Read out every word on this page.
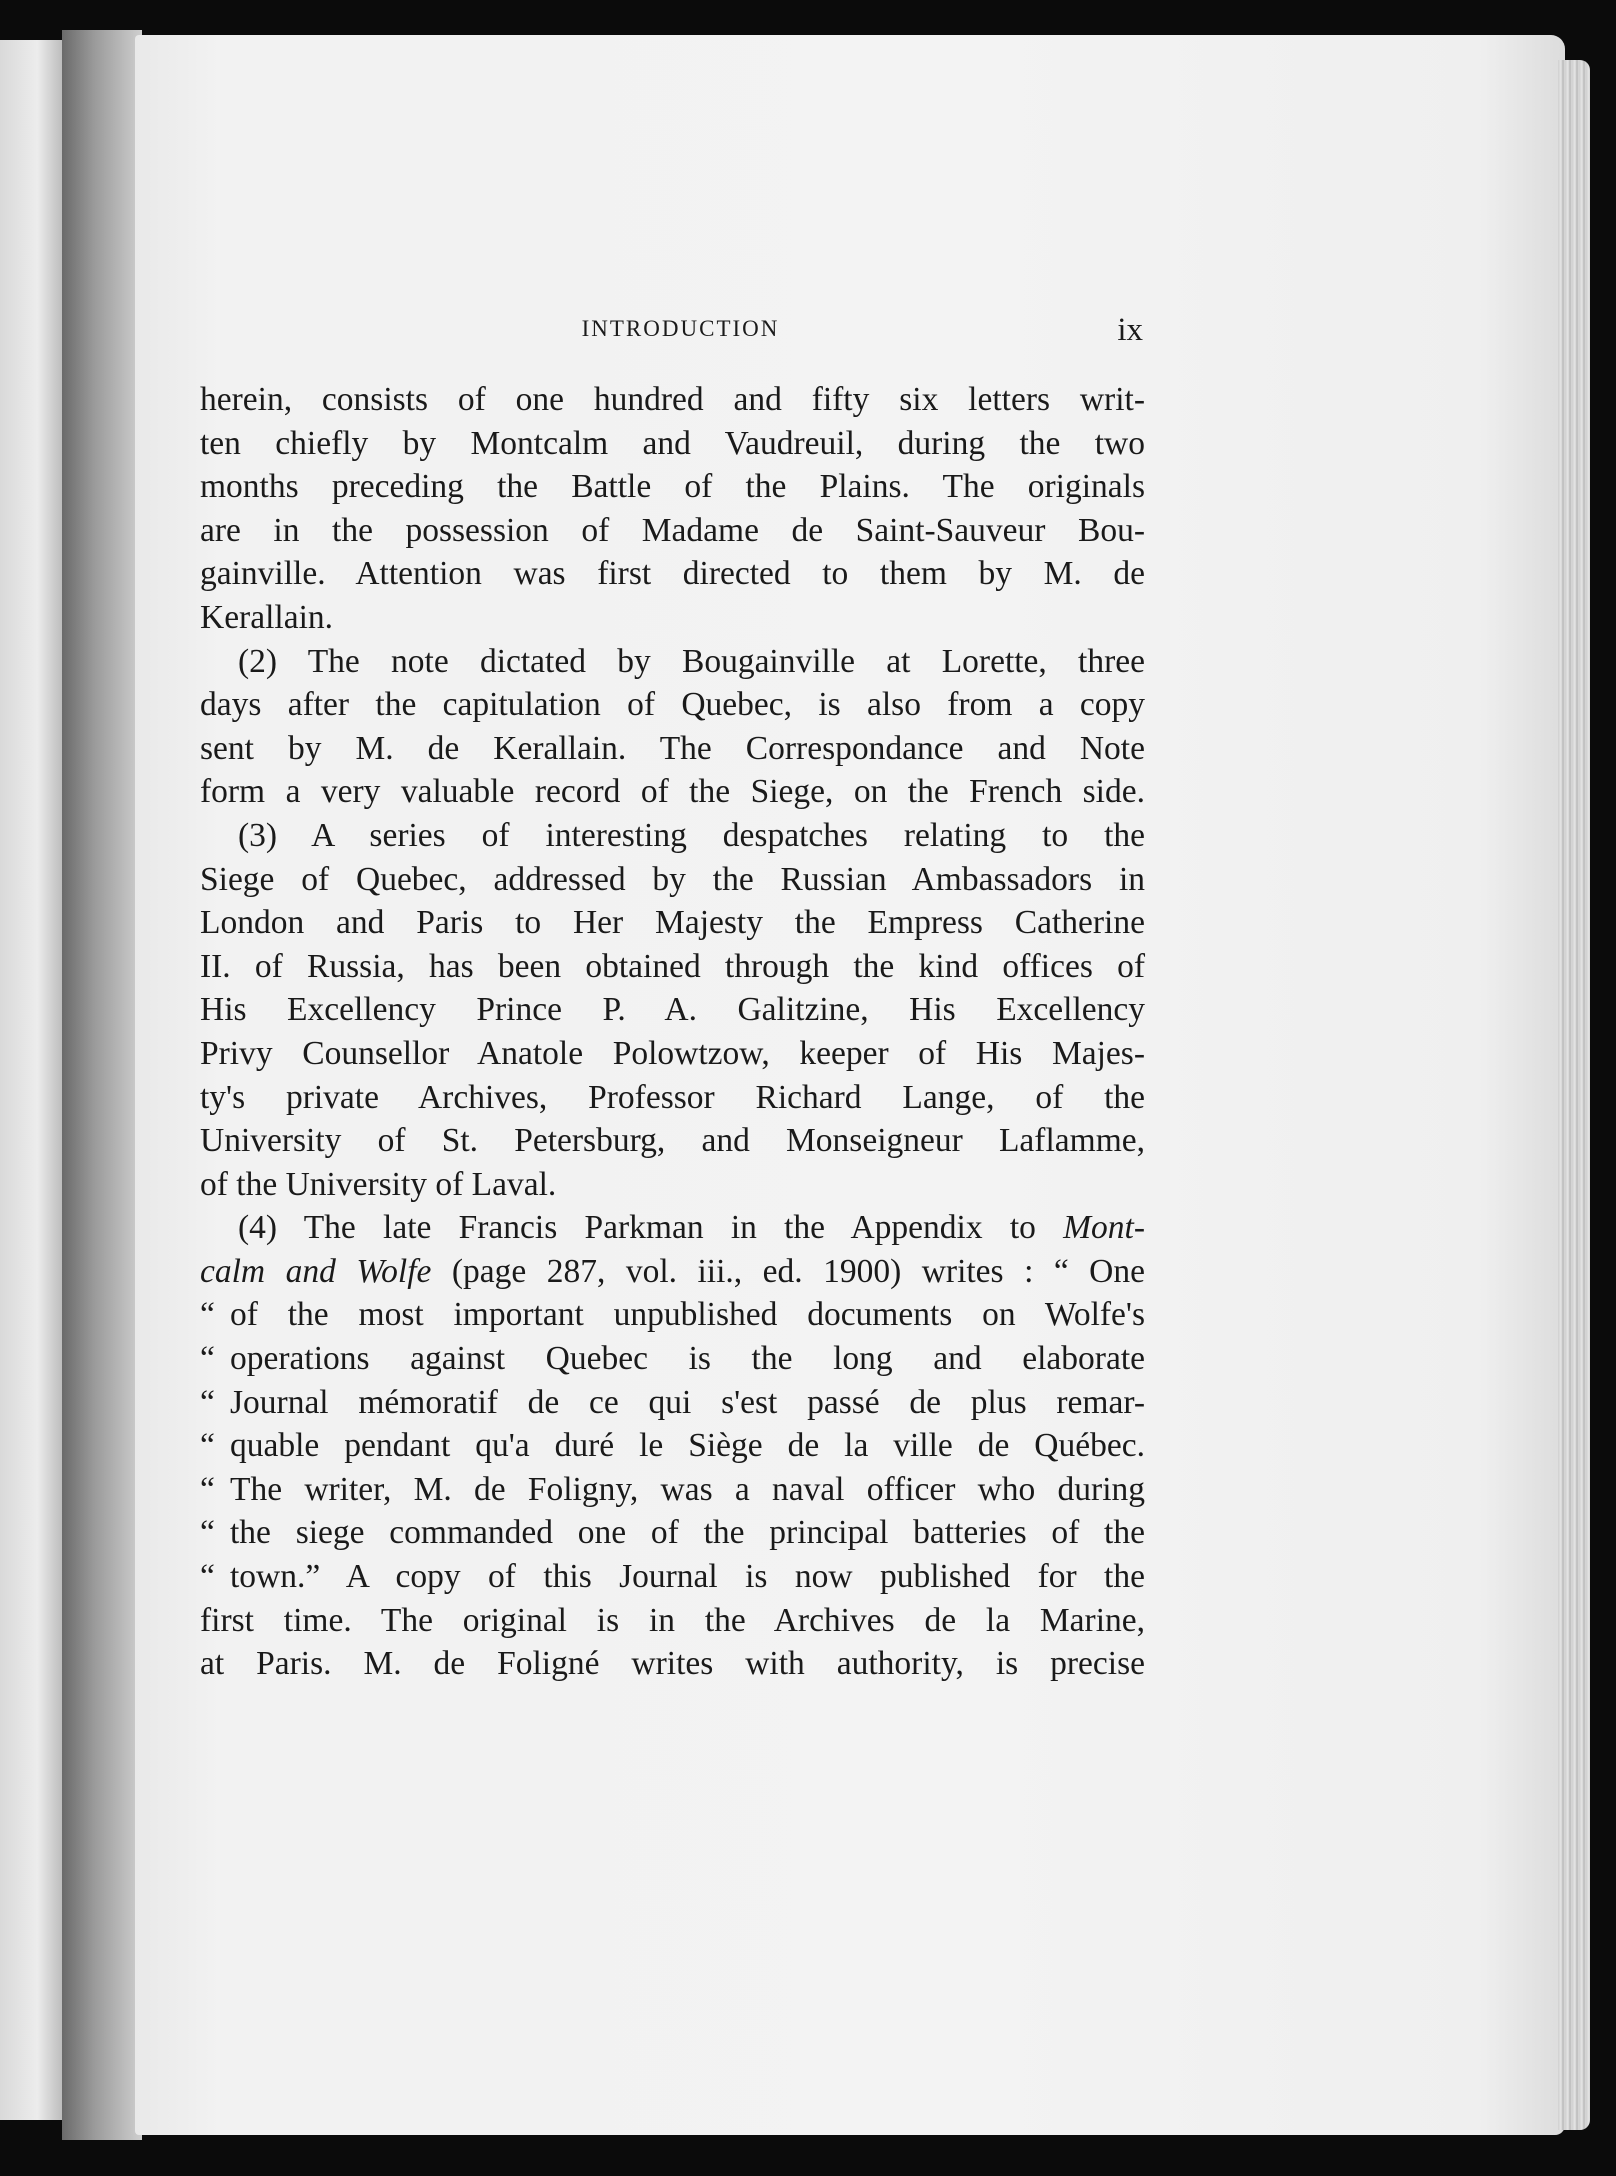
INTRODUCTION	ix
herein, consists of one hundred and fifty six letters writ-
ten chiefly by Montcalm and Vaudreuil, during the two
months preceding the Battle of the Plains. The originals
are in the possession of Madame de Saint-Sauveur Bou-
gainville. Attention was first directed to them by M. de
Kerallain.
(2) The note dictated by Bougainville at Lorette, three
days after the capitulation of Quebec, is also from a copy
sent by M. de Kerallain. The Correspondance and Note
form a very valuable record of the Siege, on the French side.
(3) A series of interesting despatches relating to the
Siege of Quebec, addressed by the Russian Ambassadors in
London and Paris to Her Majesty the Empress Catherine
II. of Russia, has been obtained through the kind offices of
His Excellency Prince P. A. Galitzine, His Excellency
Privy Counsellor Anatole Polowtzow, keeper of His Majes-
ty's private Archives, Professor Richard Lange, of the
University of St. Petersburg, and Monseigneur Laflamme,
of the University of Laval.
(4) The late Francis Parkman in the Appendix to Mont-
calm and Wolfe (page 287, vol. iii., ed. 1900) writes : “ One
“ of the most important unpublished documents on Wolfe's
“ operations against Quebec is the long and elaborate
“ Journal mémoratif de ce qui s'est passé de plus remar-
“ quable pendant qu'a duré le Siège de la ville de Québec.
“ The writer, M. de Foligny, was a naval officer who during
“ the siege commanded one of the principal batteries of the
“ town.” A copy of this Journal is now published for the
first time. The original is in the Archives de la Marine,
at Paris. M. de Foligné writes with authority, is precise
